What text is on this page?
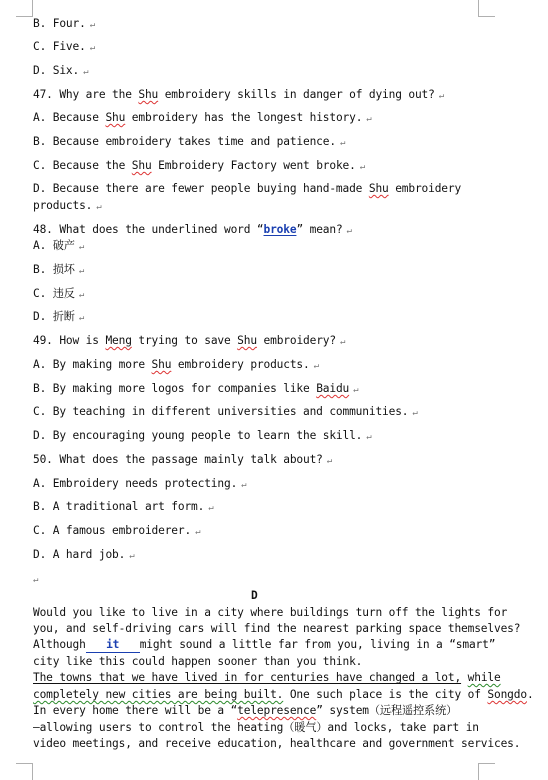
B. Four. ↵
C. Five. ↵
D. Six. ↵
47. Why are the Shu embroidery skills in danger of dying out? ↵
A. Because Shu embroidery has the longest history. ↵
B. Because embroidery takes time and patience. ↵
C. Because the Shu Embroidery Factory went broke. ↵
D. Because there are fewer people buying hand-made Shu embroidery
products. ↵
48. What does the underlined word “broke” mean? ↵
A. 破产 ↵
B. 损坏 ↵
C. 违反 ↵
D. 折断 ↵
49. How is Meng trying to save Shu embroidery? ↵
A. By making more Shu embroidery products. ↵
B. By making more logos for companies like Baidu ↵
C. By teaching in different universities and communities. ↵
D. By encouraging young people to learn the skill. ↵
50. What does the passage mainly talk about? ↵
A. Embroidery needs protecting. ↵
B. A traditional art form. ↵
C. A famous embroiderer. ↵
D. A hard job. ↵
↵
D
Would you like to live in a city where buildings turn off the lights for
you, and self-driving cars will find the nearest parking space themselves?
Although it might sound a little far from you, living in a “smart”
city like this could happen sooner than you think.
The towns that we have lived in for centuries have changed a lot, while
completely new cities are being built. One such place is the city of Songdo.
In every home there will be a “telepresence” system（远程遥控系统）
—allowing users to control the heating（暖气）and locks, take part in
video meetings, and receive education, healthcare and government services.
